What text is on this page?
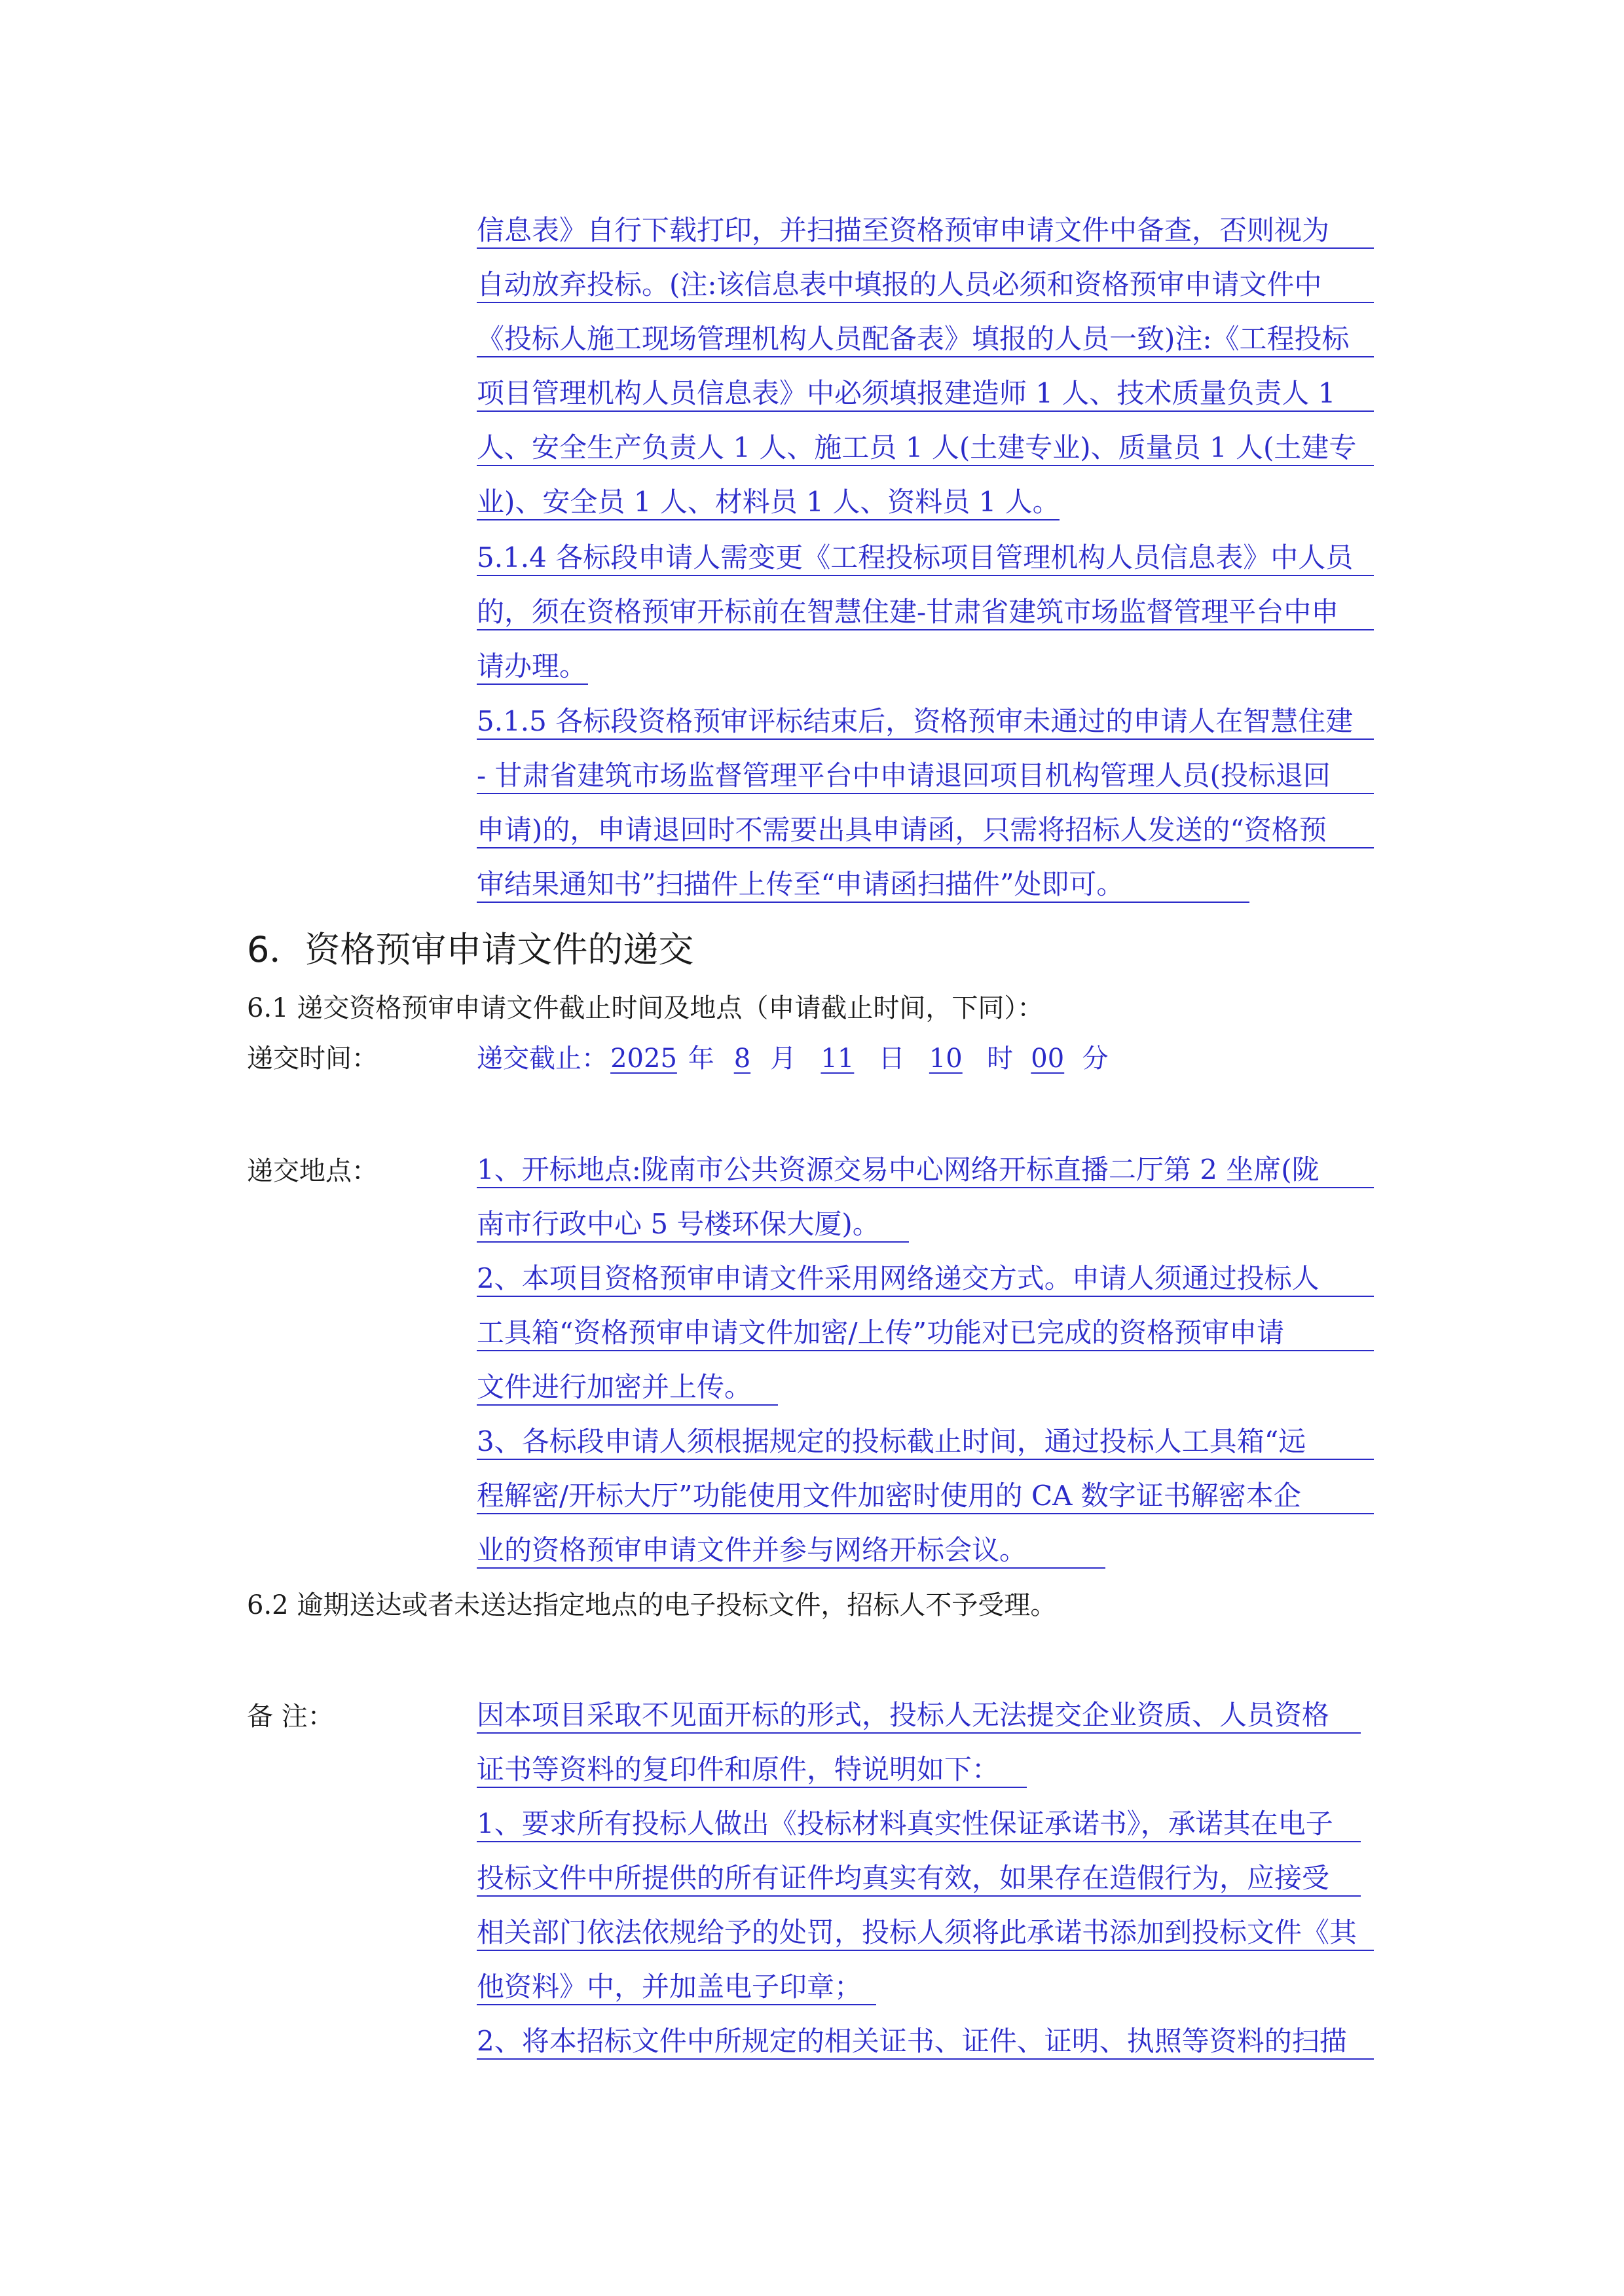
信息表》自行下载打印，并扫描至资格预审申请文件中备查，否则视为
自动放弃投标。(注:该信息表中填报的人员必须和资格预审申请文件中
《投标人施工现场管理机构人员配备表》填报的人员一致)注:《工程投标
项目管理机构人员信息表》中必须填报建造师 1 人、技术质量负责人 1
人、安全生产负责人 1 人、施工员 1 人(土建专业)、质量员 1 人(土建专
业)、安全员 1 人、材料员 1 人、资料员 1 人。
5.1.4 各标段申请人需变更《工程投标项目管理机构人员信息表》中人员
的，须在资格预审开标前在智慧住建-甘肃省建筑市场监督管理平台中申
请办理。
5.1.5 各标段资格预审评标结束后，资格预审未通过的申请人在智慧住建
- 甘肃省建筑市场监督管理平台中申请退回项目机构管理人员(投标退回
申请)的，申请退回时不需要出具申请函，只需将招标人发送的“资格预
审结果通知书”扫描件上传至“申请函扫描件”处即可。
6．资格预审申请文件的递交
6.1 递交资格预审申请文件截止时间及地点（申请截止时间，下同）：
递交时间：	递交截止： 2025 年 8 月 11 日 10 时 00 分
递交地点：	1、开标地点:陇南市公共资源交易中心网络开标直播二厅第 2 坐席(陇
南市行政中心 5 号楼环保大厦)。
2、本项目资格预审申请文件采用网络递交方式。申请人须通过投标人
工具箱“资格预审申请文件加密/上传”功能对已完成的资格预审申请
文件进行加密并上传。
3、各标段申请人须根据规定的投标截止时间，通过投标人工具箱“远
程解密/开标大厅”功能使用文件加密时使用的 CA 数字证书解密本企
业的资格预审申请文件并参与网络开标会议。
6.2 逾期送达或者未送达指定地点的电子投标文件，招标人不予受理。
备 注：	因本项目采取不见面开标的形式，投标人无法提交企业资质、人员资格
证书等资料的复印件和原件，特说明如下：
1、要求所有投标人做出《投标材料真实性保证承诺书》，承诺其在电子
投标文件中所提供的所有证件均真实有效，如果存在造假行为，应接受
相关部门依法依规给予的处罚，投标人须将此承诺书添加到投标文件《其
他资料》中，并加盖电子印章；
2、将本招标文件中所规定的相关证书、证件、证明、执照等资料的扫描
